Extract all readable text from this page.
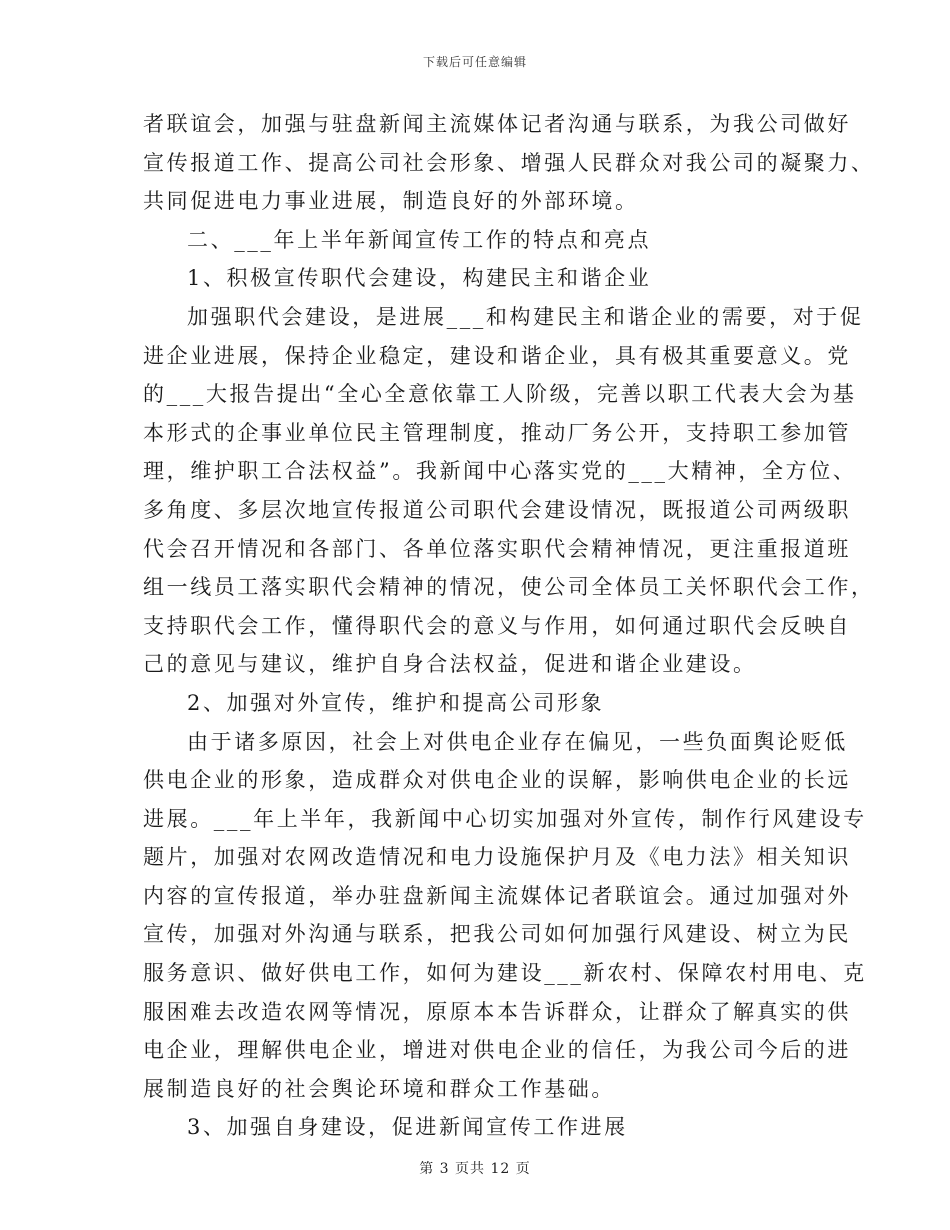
下载后可任意编辑
者联谊会，加强与驻盘新闻主流媒体记者沟通与联系，为我公司做好
宣传报道工作、提高公司社会形象、增强人民群众对我公司的凝聚力、
共同促进电力事业进展，制造良好的外部环境。
二、___年上半年新闻宣传工作的特点和亮点
1、积极宣传职代会建设，构建民主和谐企业
加强职代会建设，是进展___和构建民主和谐企业的需要，对于促
进企业进展，保持企业稳定，建设和谐企业，具有极其重要意义。党
的___大报告提出“全心全意依靠工人阶级，完善以职工代表大会为基
本形式的企事业单位民主管理制度，推动厂务公开，支持职工参加管
理，维护职工合法权益”。我新闻中心落实党的___大精神，全方位、
多角度、多层次地宣传报道公司职代会建设情况，既报道公司两级职
代会召开情况和各部门、各单位落实职代会精神情况，更注重报道班
组一线员工落实职代会精神的情况，使公司全体员工关怀职代会工作，
支持职代会工作，懂得职代会的意义与作用，如何通过职代会反映自
己的意见与建议，维护自身合法权益，促进和谐企业建设。
2、加强对外宣传，维护和提高公司形象
由于诸多原因，社会上对供电企业存在偏见，一些负面舆论贬低
供电企业的形象，造成群众对供电企业的误解，影响供电企业的长远
进展。___年上半年，我新闻中心切实加强对外宣传，制作行风建设专
题片，加强对农网改造情况和电力设施保护月及《电力法》相关知识
内容的宣传报道，举办驻盘新闻主流媒体记者联谊会。通过加强对外
宣传，加强对外沟通与联系，把我公司如何加强行风建设、树立为民
服务意识、做好供电工作，如何为建设___新农村、保障农村用电、克
服困难去改造农网等情况，原原本本告诉群众，让群众了解真实的供
电企业，理解供电企业，增进对供电企业的信任，为我公司今后的进
展制造良好的社会舆论环境和群众工作基础。
3、加强自身建设，促进新闻宣传工作进展
第 3 页共 12 页
